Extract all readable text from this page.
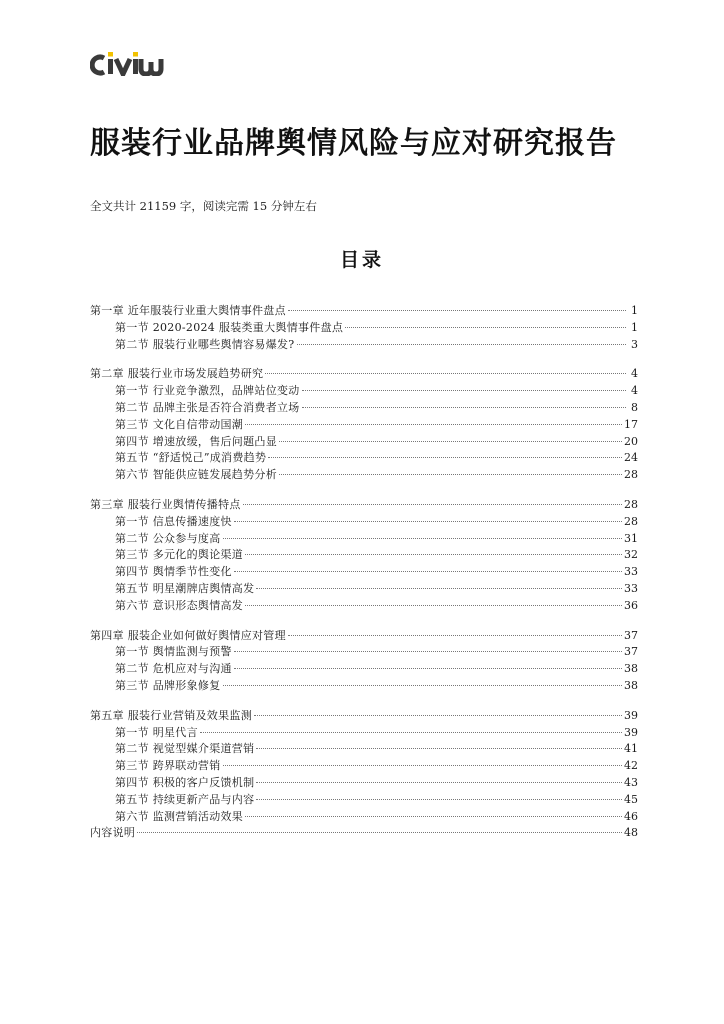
服装行业品牌舆情风险与应对研究报告
全文共计 21159 字，阅读完需 15 分钟左右
目录
第一章 近年服装行业重大舆情事件盘点	1
第一节 2020-2024 服装类重大舆情事件盘点	1
第二节 服装行业哪些舆情容易爆发?	3
第二章 服装行业市场发展趋势研究	4
第一节 行业竞争激烈，品牌站位变动	4
第二节 品牌主张是否符合消费者立场	8
第三节 文化自信带动国潮	17
第四节 增速放缓，售后问题凸显	20
第五节 “舒适悦己”成消费趋势	24
第六节 智能供应链发展趋势分析	28
第三章 服装行业舆情传播特点	28
第一节 信息传播速度快	28
第二节 公众参与度高	31
第三节 多元化的舆论渠道	32
第四节 舆情季节性变化	33
第五节 明星潮牌店舆情高发	33
第六节 意识形态舆情高发	36
第四章 服装企业如何做好舆情应对管理	37
第一节 舆情监测与预警	37
第二节 危机应对与沟通	38
第三节 品牌形象修复	38
第五章 服装行业营销及效果监测	39
第一节 明星代言	39
第二节 视觉型媒介渠道营销	41
第三节 跨界联动营销	42
第四节 积极的客户反馈机制	43
第五节 持续更新产品与内容	45
第六节 监测营销活动效果	46
内容说明	48
